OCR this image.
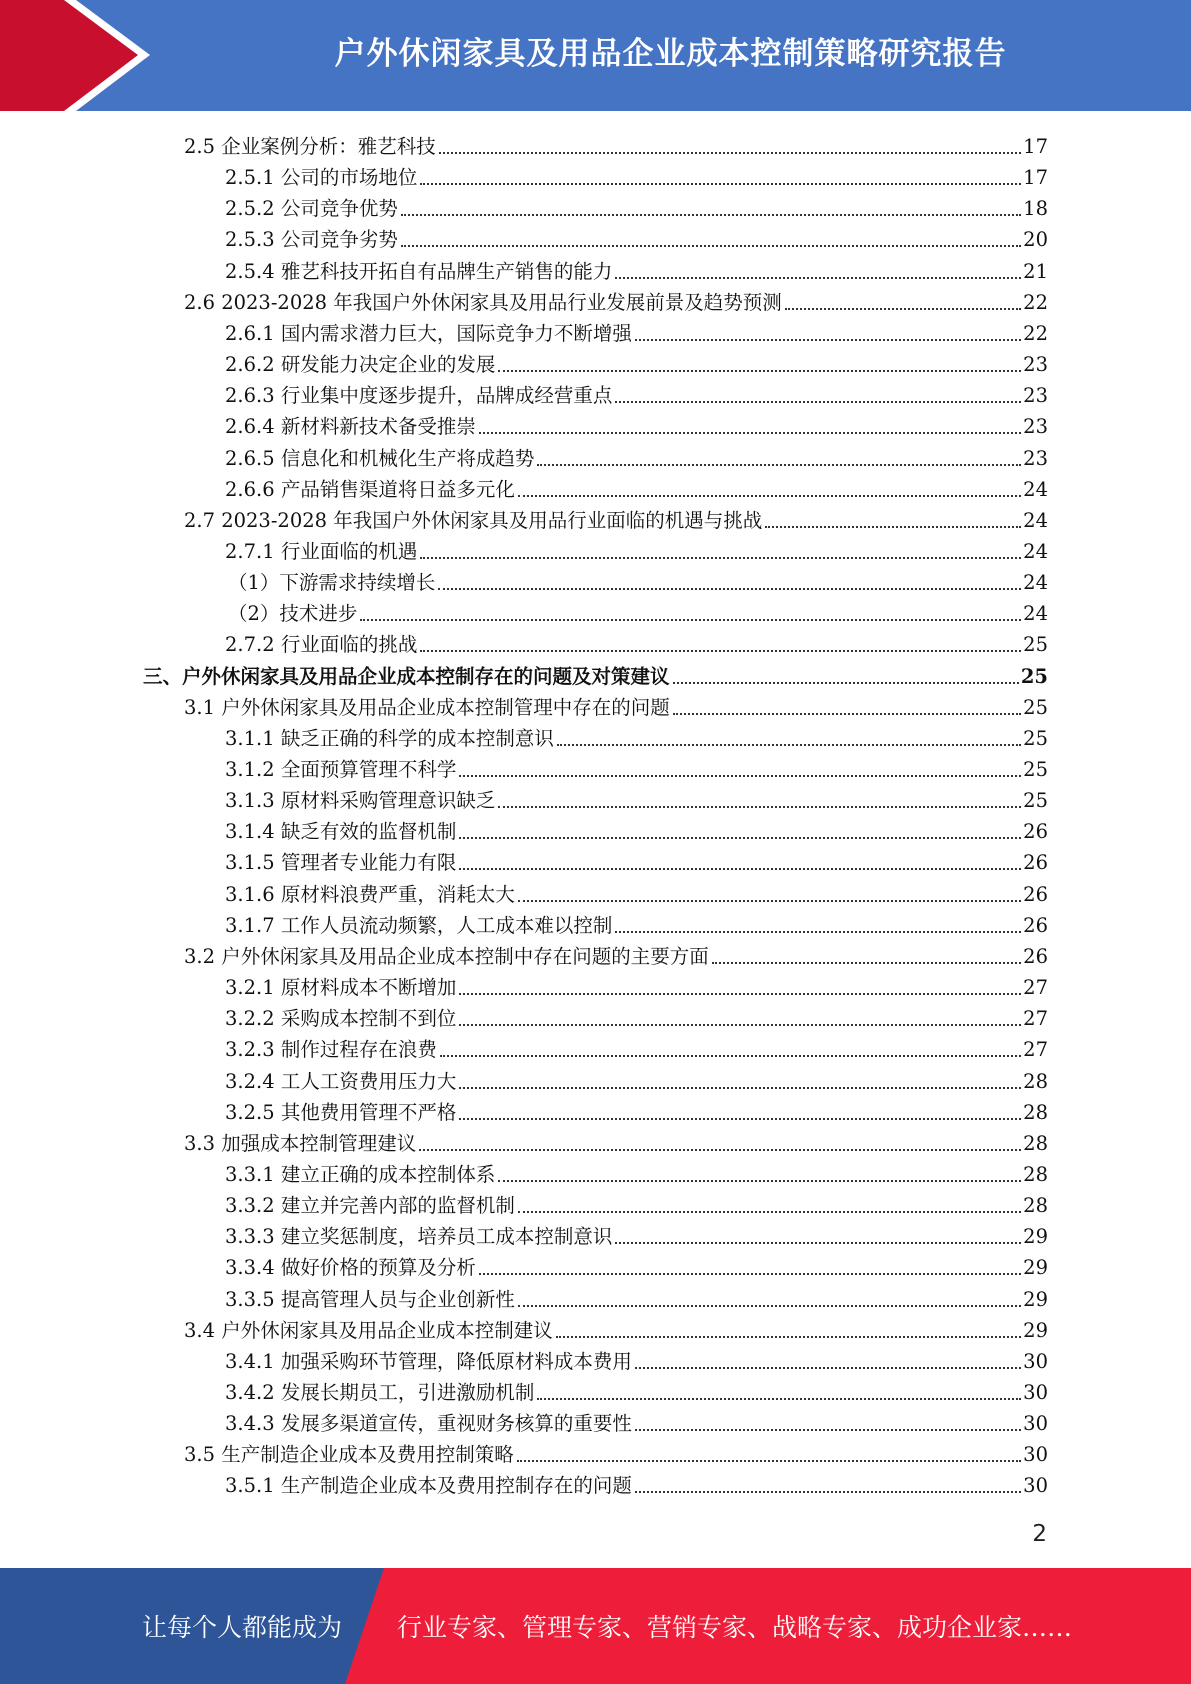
户外休闲家具及用品企业成本控制策略研究报告
2.5 企业案例分析：雅艺科技	17
2.5.1 公司的市场地位	17
2.5.2 公司竞争优势	18
2.5.3 公司竞争劣势	20
2.5.4 雅艺科技开拓自有品牌生产销售的能力	21
2.6 2023-2028 年我国户外休闲家具及用品行业发展前景及趋势预测	22
2.6.1 国内需求潜力巨大，国际竞争力不断增强	22
2.6.2 研发能力决定企业的发展	23
2.6.3 行业集中度逐步提升，品牌成经营重点	23
2.6.4 新材料新技术备受推崇	23
2.6.5 信息化和机械化生产将成趋势	23
2.6.6 产品销售渠道将日益多元化	24
2.7 2023-2028 年我国户外休闲家具及用品行业面临的机遇与挑战	24
2.7.1 行业面临的机遇	24
（1）下游需求持续增长	24
（2）技术进步	24
2.7.2 行业面临的挑战	25
三、户外休闲家具及用品企业成本控制存在的问题及对策建议	25
3.1 户外休闲家具及用品企业成本控制管理中存在的问题	25
3.1.1 缺乏正确的科学的成本控制意识	25
3.1.2 全面预算管理不科学	25
3.1.3 原材料采购管理意识缺乏	25
3.1.4 缺乏有效的监督机制	26
3.1.5 管理者专业能力有限	26
3.1.6 原材料浪费严重，消耗太大	26
3.1.7 工作人员流动频繁，人工成本难以控制	26
3.2 户外休闲家具及用品企业成本控制中存在问题的主要方面	26
3.2.1 原材料成本不断增加	27
3.2.2 采购成本控制不到位	27
3.2.3 制作过程存在浪费	27
3.2.4 工人工资费用压力大	28
3.2.5 其他费用管理不严格	28
3.3 加强成本控制管理建议	28
3.3.1 建立正确的成本控制体系	28
3.3.2 建立并完善内部的监督机制	28
3.3.3 建立奖惩制度，培养员工成本控制意识	29
3.3.4 做好价格的预算及分析	29
3.3.5 提高管理人员与企业创新性	29
3.4 户外休闲家具及用品企业成本控制建议	29
3.4.1 加强采购环节管理，降低原材料成本费用	30
3.4.2 发展长期员工，引进激励机制	30
3.4.3 发展多渠道宣传，重视财务核算的重要性	30
3.5 生产制造企业成本及费用控制策略	30
3.5.1 生产制造企业成本及费用控制存在的问题	30
2
让每个人都能成为 行业专家、管理专家、营销专家、战略专家、成功企业家……
